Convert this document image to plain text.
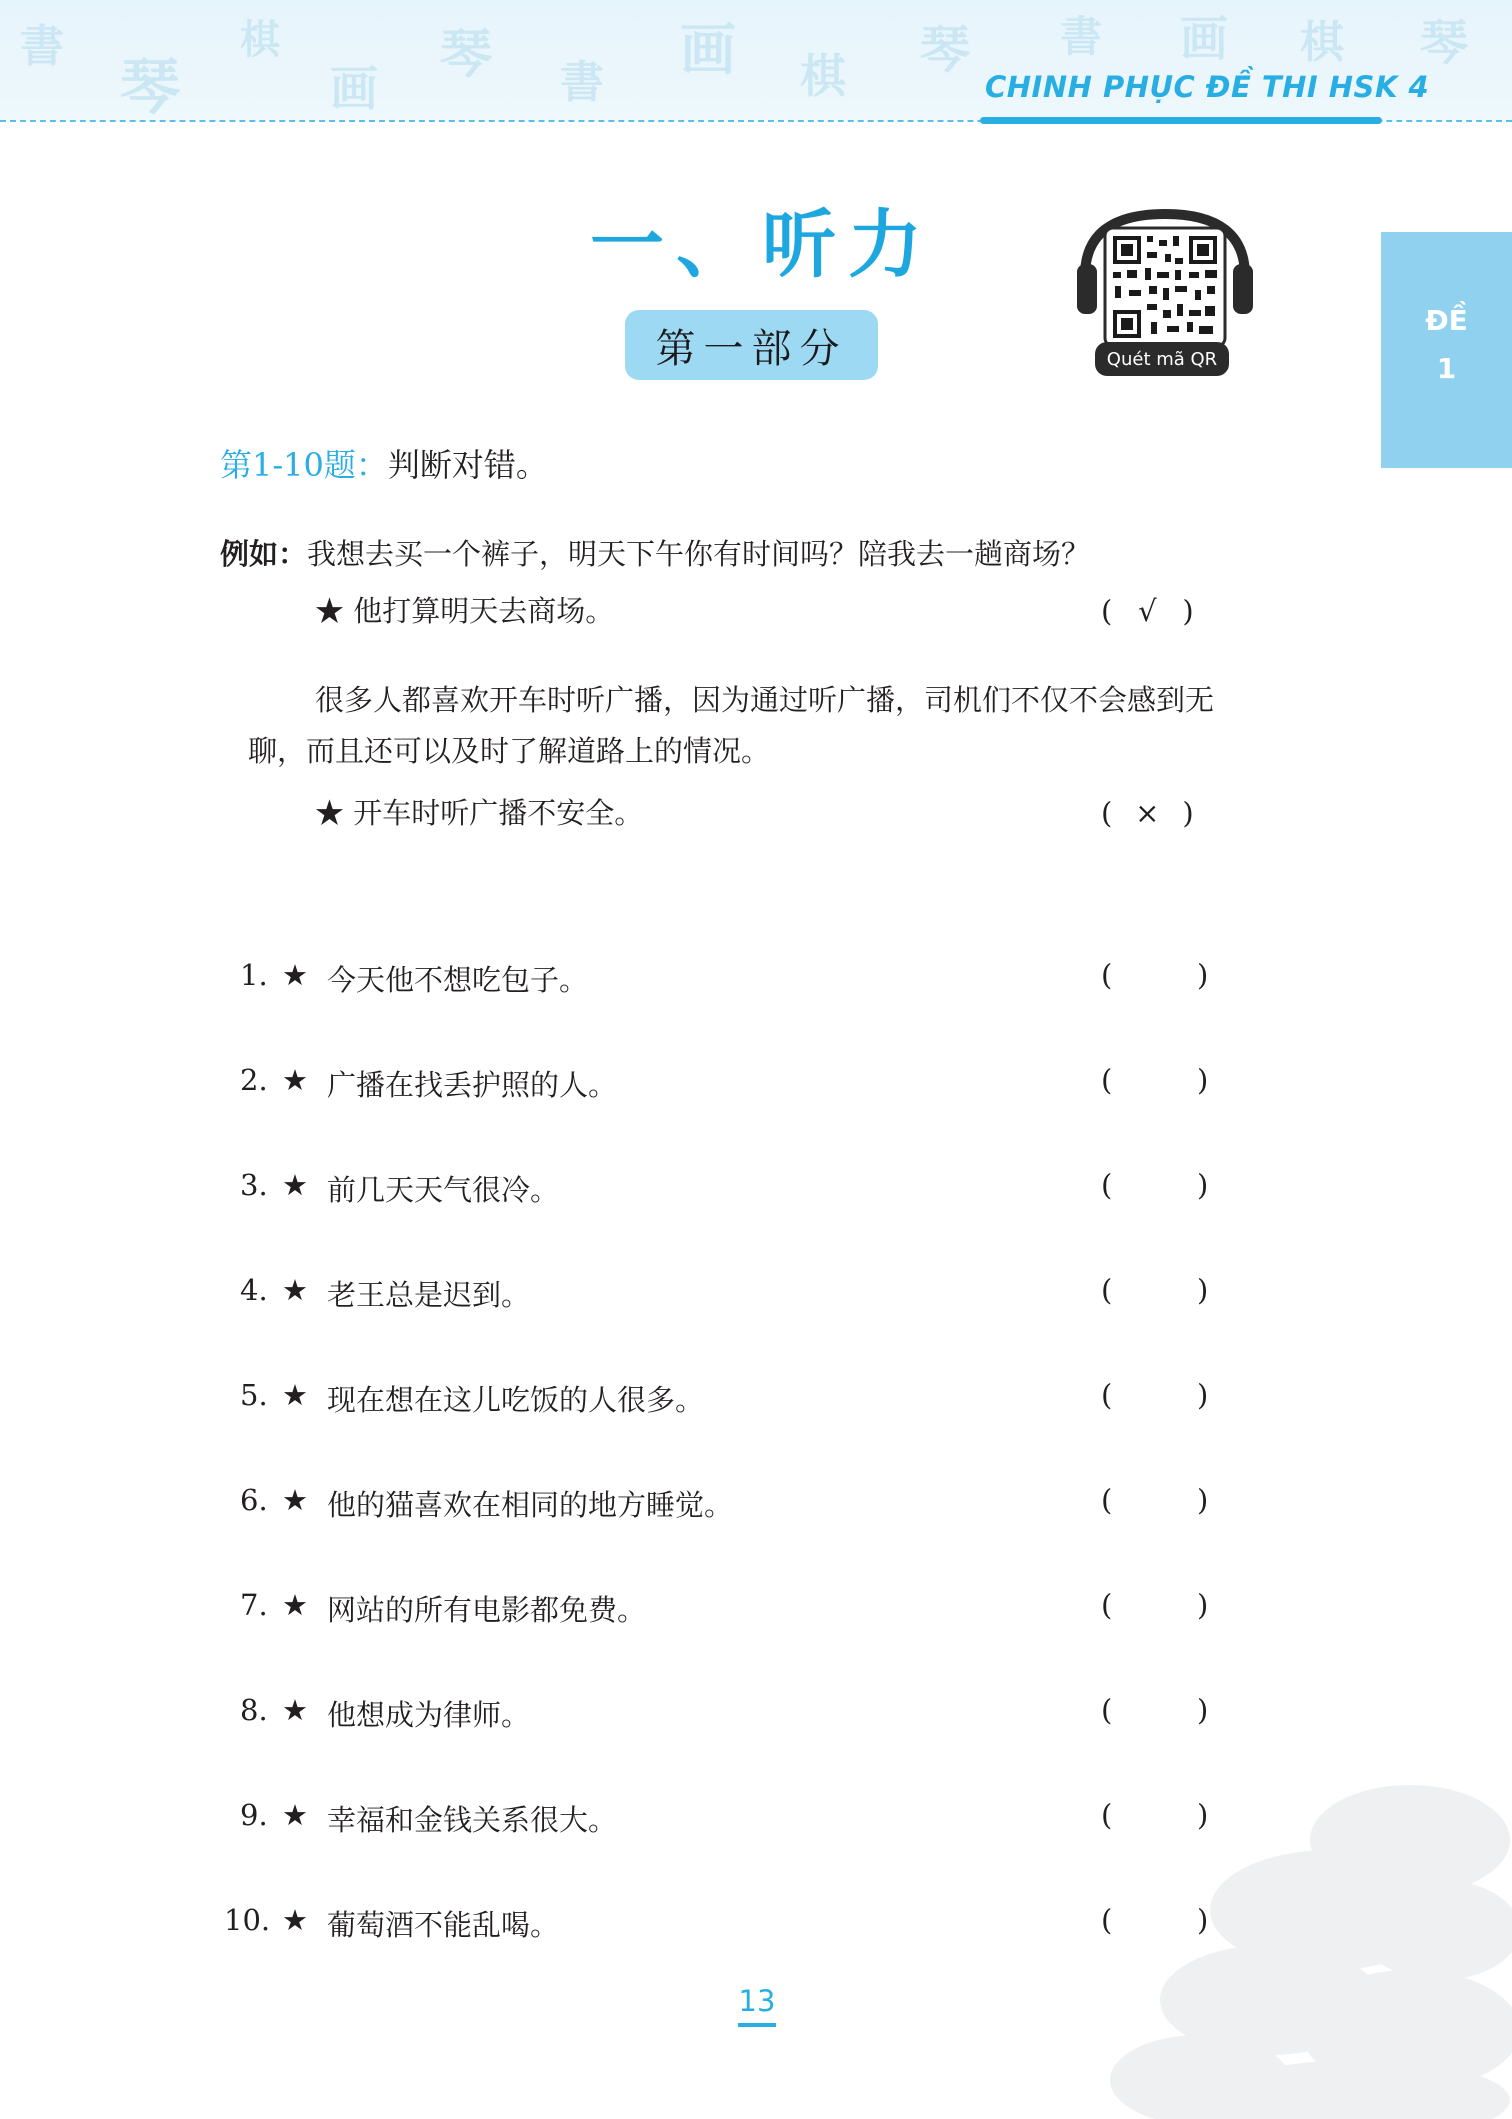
書
琴
棋
画
琴 書 画 棋 琴 書 画 棋 琴
CHINH PHỤC ĐỀ THI HSK 4
ĐỀ
1
一、听力
第一部分	Quét mã QR
第1-10题：判断对错。
例如：我想去买一个裤子，明天下午你有时间吗？陪我去一趟商场？
★ 他打算明天去商场。	( √ )
很多人都喜欢开车时听广播，因为通过听广播，司机们不仅不会感到无
聊，而且还可以及时了解道路上的情况。
★ 开车时听广播不安全。	( × )
1. ★ 今天他不想吃包子。	(	)
2. ★ 广播在找丢护照的人。	(	)
3. ★ 前几天天气很冷。	(	)
4. ★ 老王总是迟到。	(	)
5. ★ 现在想在这儿吃饭的人很多。	(	)
6. ★ 他的猫喜欢在相同的地方睡觉。	(	)
7. ★ 网站的所有电影都免费。	(	)
8. ★ 他想成为律师。	(	)
9. ★ 幸福和金钱关系很大。	(	)
10. ★ 葡萄酒不能乱喝。	(	)
13
